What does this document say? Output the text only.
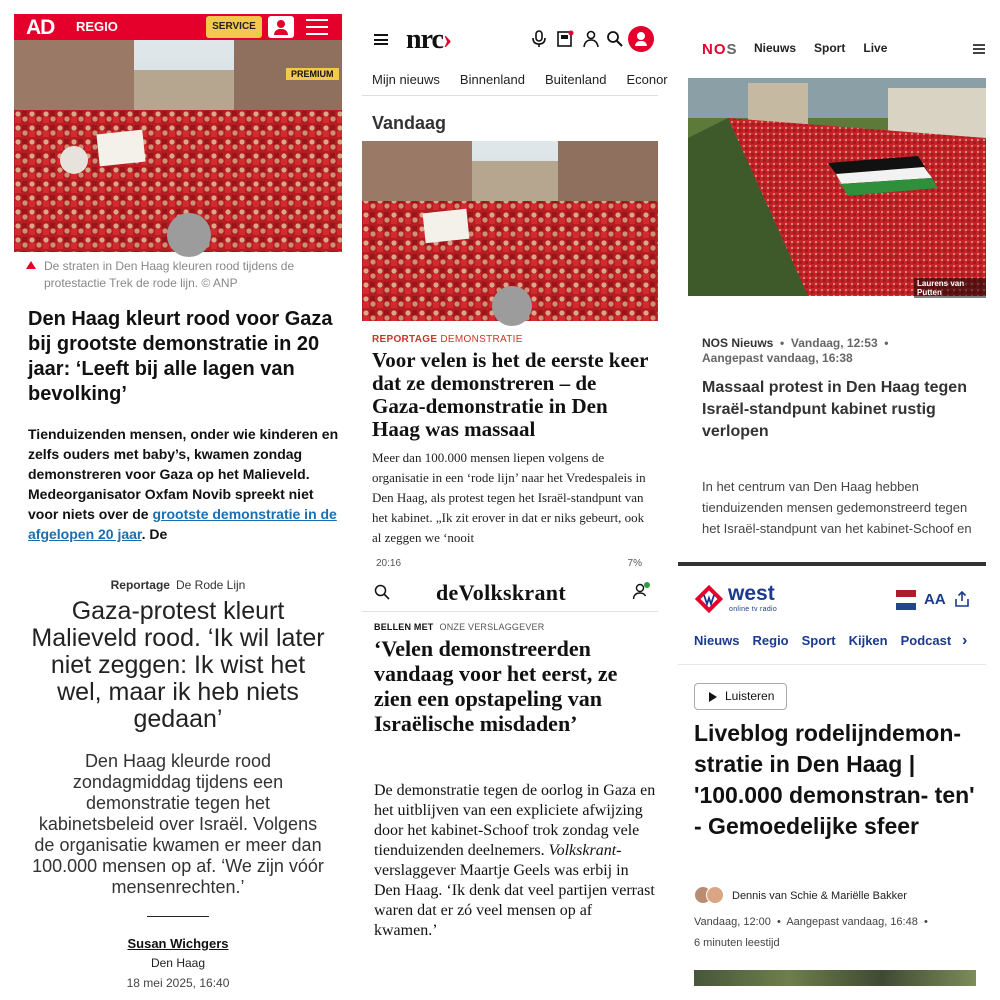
AD REGIO	SERVICE
PREMIUM
De straten in Den Haag kleuren rood tijdens de protestactie Trek de rode lijn. © ANP
Den Haag kleurt rood voor Gaza bij grootste demonstratie in 20 jaar: ‘Leeft bij alle lagen van bevolking’
Tienduizenden mensen, onder wie kinderen en zelfs ouders met baby’s, kwamen zondag demonstreren voor Gaza op het Malieveld. Medeorganisator Oxfam Novib spreekt niet voor niets over de grootste demonstratie in de afgelopen 20 jaar. De
nrc›
Mijn nieuws Binnenland Buitenland Econor
Vandaag
REPORTAGE DEMONSTRATIE
Voor velen is het de eerste keer dat ze demonstreren – de Gaza-demonstratie in Den Haag was massaal
Meer dan 100.000 mensen liepen volgens de organisatie in een ‘rode lijn’ naar het Vredespaleis in Den Haag, als protest tegen het Israël-standpunt van het kabinet. „Ik zit erover in dat er niks gebeurt, ook al zeggen we ‘nooit
NOS Nieuws Sport Live
Laurens van Putten
NOS Nieuws  •  Vandaag, 12:53  •
Aangepast vandaag, 16:38
Massaal protest in Den Haag tegen Israël-standpunt kabinet rustig verlopen
In het centrum van Den Haag hebben tienduizenden mensen gedemonstreerd tegen het Israël-standpunt van het kabinet-Schoof en
Reportage De Rode Lijn
Gaza-protest kleurt Malieveld rood. ‘Ik wil later niet zeggen: Ik wist het wel, maar ik heb niets gedaan’
Den Haag kleurde rood zondagmiddag tijdens een demonstratie tegen het kabinetsbeleid over Israël. Volgens de organisatie kwamen er meer dan 100.000 mensen op af. ‘We zijn vóór mensenrechten.’
Susan Wichgers
Den Haag
18 mei 2025, 16:40
20:16	7%
deVolkskrant
BELLEN MET ONZE VERSLAGGEVER
‘Velen demonstreerden vandaag voor het eerst, ze zien een opstapeling van Israëlische misdaden’
De demonstratie tegen de oorlog in Gaza en het uitblijven van een expliciete afwijzing door het kabinet-Schoof trok zondag vele tienduizenden deelnemers. Volkskrant-verslaggever Maartje Geels was erbij in Den Haag. ‘Ik denk dat veel partijen verrast waren dat er zó veel mensen op af kwamen.’
west
online tv radio
AA
Nieuws Regio Sport Kijken Podcast ›
Luisteren
Liveblog rodelijndemon- stratie in Den Haag | '100.000 demonstran- ten' - Gemoedelijke sfeer
Dennis van Schie & Mariëlle Bakker
Vandaag, 12:00  •  Aangepast vandaag, 16:48  •
6 minuten leestijd
